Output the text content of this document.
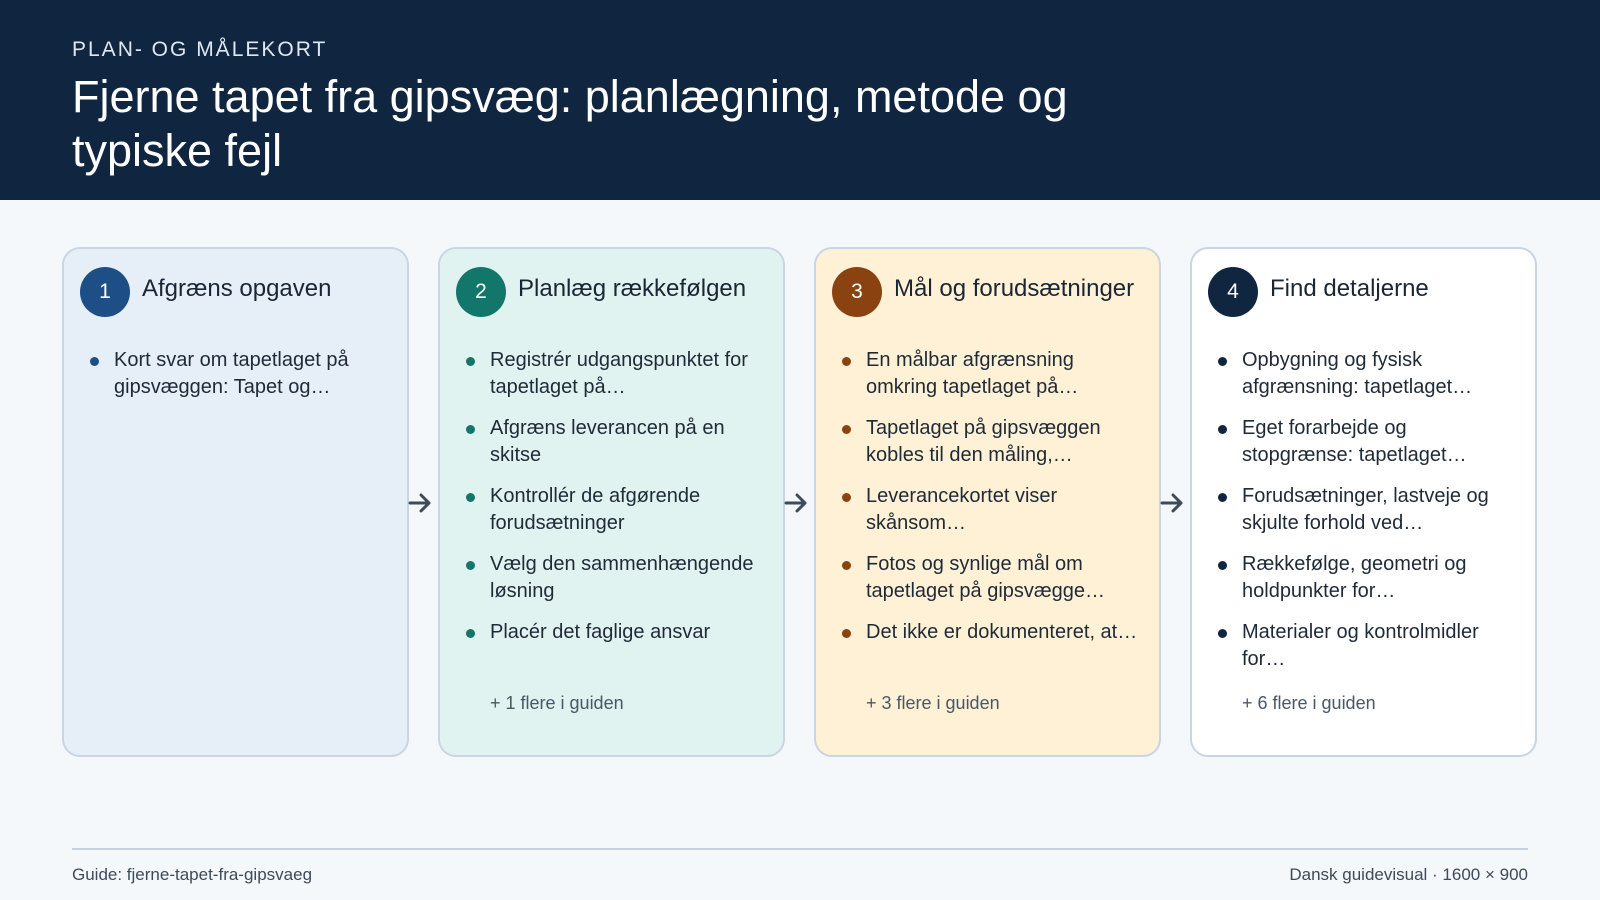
PLAN- OG MÅLEKORT
Fjerne tapet fra gipsvæg: planlægning, metode og typiske fejl
1	Afgræns opgaven
Kort svar om tapetlaget på gipsvæggen: Tapet og…
2	Planlæg rækkefølgen
Registrér udgangspunktet for tapetlaget på…
Afgræns leverancen på en skitse
Kontrollér de afgørende forudsætninger
Vælg den sammenhængende løsning
Placér det faglige ansvar
+ 1 flere i guiden
3	Mål og forudsætninger
En målbar afgrænsning omkring tapetlaget på…
Tapetlaget på gipsvæggen kobles til den måling,…
Leverancekortet viser skånsom…
Fotos og synlige mål om tapetlaget på gipsvægge…
Det ikke er dokumenteret, at…
+ 3 flere i guiden
4	Find detaljerne
Opbygning og fysisk afgrænsning: tapetlaget…
Eget forarbejde og stopgrænse: tapetlaget…
Forudsætninger, lastveje og skjulte forhold ved…
Rækkefølge, geometri og holdpunkter for…
Materialer og kontrolmidler for…
+ 6 flere i guiden
Guide: fjerne-tapet-fra-gipsvaeg	Dansk guidevisual · 1600 × 900
